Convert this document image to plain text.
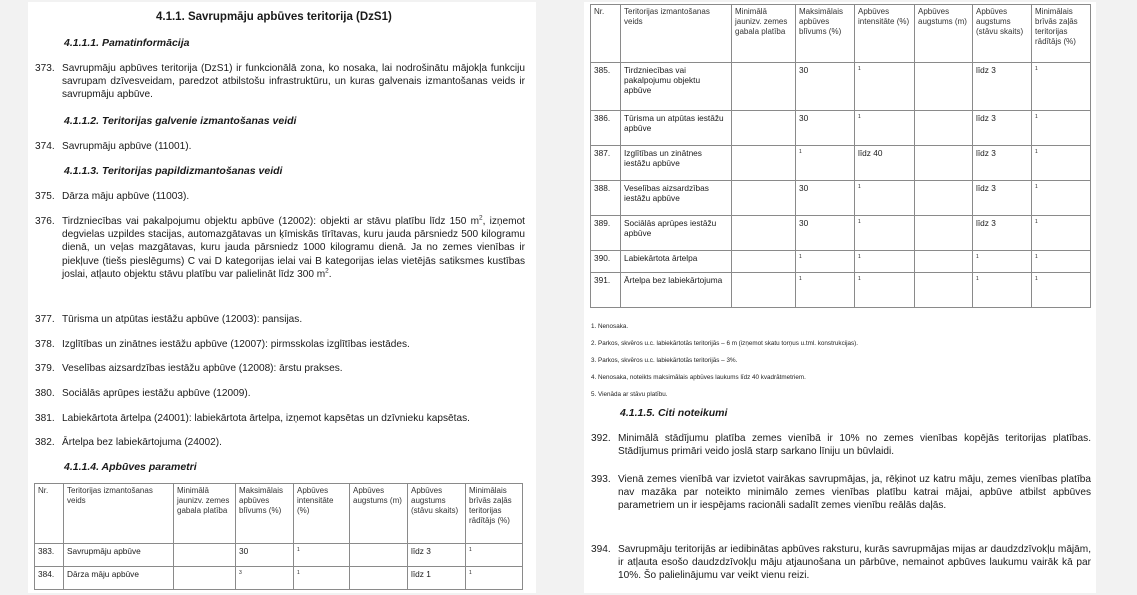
4.1.1. Savrupmāju apbūves teritorija (DzS1)
4.1.1.1. Pamatinformācija
373. Savrupmāju apbūves teritorija (DzS1) ir funkcionālā zona, ko nosaka, lai nodrošinātu mājokļa funkciju savrupam dzīvesveidam, paredzot atbilstošu infrastruktūru, un kuras galvenais izmantošanas veids ir savrupmāju apbūve.
4.1.1.2. Teritorijas galvenie izmantošanas veidi
374. Savrupmāju apbūve (11001).
4.1.1.3. Teritorijas papildizmantošanas veidi
375. Dārza māju apbūve (11003).
376. Tirdzniecības vai pakalpojumu objektu apbūve (12002): objekti ar stāvu platību līdz 150 $m^2$, izņemot degvielas uzpildes stacijas, automazgātavas un ķīmiskās tīrītavas, kuru jauda pārsniedz 500 kilogramu dienā, un veļas mazgātavas, kuru jauda pārsniedz 1000 kilogramu dienā. Ja no zemes vienības ir piekļuve (tiešs pieslēgums) C vai D kategorijas ielai vai B kategorijas ielas vietējās satiksmes kustības joslai, atļauto objektu stāvu platību var palielināt līdz 300 $m^2$.
377. Tūrisma un atpūtas iestāžu apbūve (12003): pansijas.
378. Izglītības un zinātnes iestāžu apbūve (12007): pirmsskolas izglītības iestādes.
379. Veselības aizsardzības iestāžu apbūve (12008): ārstu prakses.
380. Sociālās aprūpes iestāžu apbūve (12009).
381. Labiekārtota ārtelpa (24001): labiekārtota ārtelpa, izņemot kapsētas un dzīvnieku kapsētas.
382. Ārtelpa bez labiekārtojuma (24002).
4.1.1.4. Apbūves parametri
Nr.	Teritorijas izmantošanas veids	Minimālā jaunizv. zemes gabala platība	Maksimālais apbūves blīvums (%)	Apbūves intensitāte (%)	Apbūves augstums (m)	Apbūves augstums (stāvu skaits)	Minimālais brīvās zaļās teritorijas rādītājs (%)
383.	Savrupmāju apbūve		30	$^1$		līdz 3	$^1$
384.	Dārza māju apbūve		$^3$	$^1$		līdz 1	$^1$
Nr.	Teritorijas izmantošanas veids	Minimālā jaunizv. zemes gabala platība	Maksimālais apbūves blīvums (%)	Apbūves intensitāte (%)	Apbūves augstums (m)	Apbūves augstums (stāvu skaits)	Minimālais brīvās zaļās teritorijas rādītājs (%)
385.	Tirdzniecības vai pakalpojumu objektu apbūve		30	$^1$		līdz 3	$^1$
386.	Tūrisma un atpūtas iestāžu apbūve		30	$^1$		līdz 3	$^1$
387.	Izglītības un zinātnes iestāžu apbūve		$^1$	līdz 40		līdz 3	$^1$
388.	Veselības aizsardzības iestāžu apbūve		30	$^1$		līdz 3	$^1$
389.	Sociālās aprūpes iestāžu apbūve		30	$^1$		līdz 3	$^1$
390.	Labiekārtota ārtelpa		$^1$	$^1$		$^1$	$^1$
391.	Ārtelpa bez labiekārtojuma		$^1$	$^1$		$^1$	$^1$
1. Nenosaka.
2. Parkos, skvēros u.c. labiekārtotās teritorijās – 6 m (izņemot skatu torņus u.tml. konstrukcijas).
3. Parkos, skvēros u.c. labiekārtotās teritorijās – 3%.
4. Nenosaka, noteikts maksimālais apbūves laukums līdz 40 kvadrātmetriem.
5. Vienāda ar stāvu platību.
4.1.1.5. Citi noteikumi
392. Minimālā stādījumu platība zemes vienībā ir 10% no zemes vienības kopējās teritorijas platības. Stādījumus primāri veido joslā starp sarkano līniju un būvlaidi.
393. Vienā zemes vienībā var izvietot vairākas savrupmājas, ja, rēķinot uz katru māju, zemes vienības platība nav mazāka par noteikto minimālo zemes vienības platību katrai mājai, apbūve atbilst apbūves parametriem un ir iespējams racionāli sadalīt zemes vienību reālās daļās.
394. Savrupmāju teritorijās ar iedibinātas apbūves raksturu, kurās savrupmājas mijas ar daudzdzīvokļu mājām, ir atļauta esošo daudzdzīvokļu māju atjaunošana un pārbūve, nemainot apbūves laukumu vairāk kā par 10%. Šo palielinājumu var veikt vienu reizi.
